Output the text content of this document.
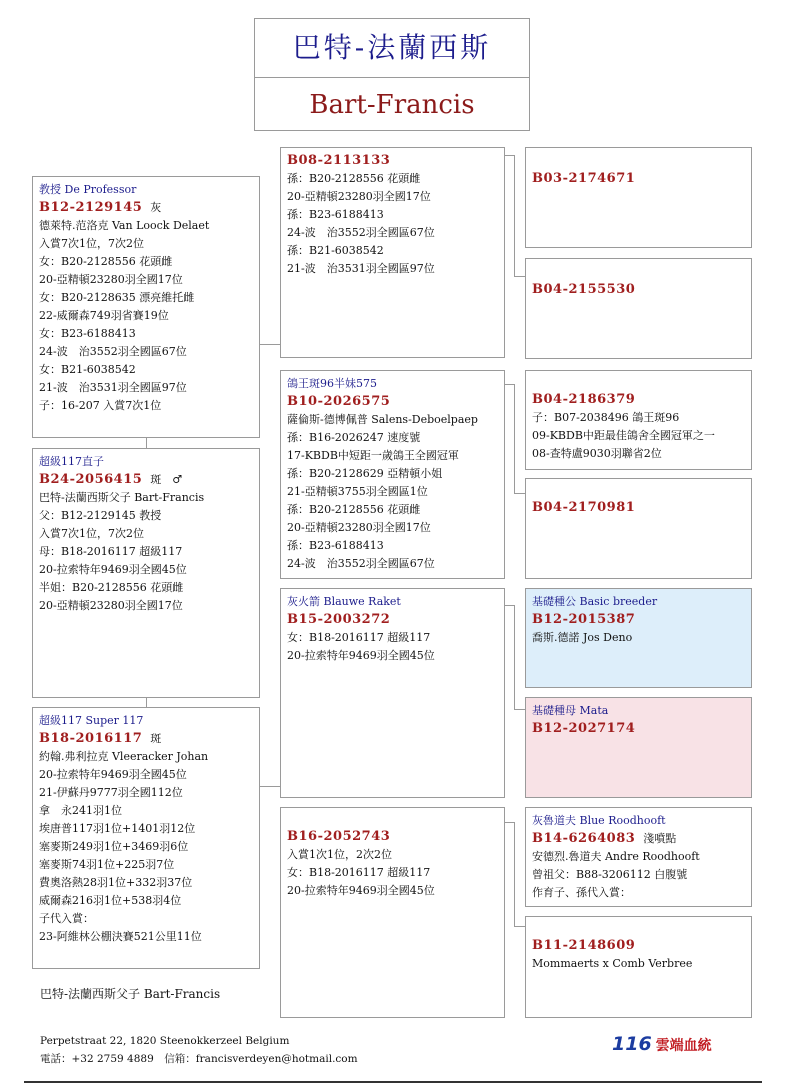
巴特-法蘭西斯
Bart-Francis
教授 De Professor
B12-2129145 灰
德萊特.范洛克 Van Loock Delaet
入賞7次1位，7次2位
女：B20-2128556 花頭雌
20-亞精頓23280羽全國17位
女：B20-2128635 漂亮維托雌
22-威爾森749羽省賽19位
女：B23-6188413
24-波　治3552羽全國區67位
女：B21-6038542
21-波　治3531羽全國區97位
子：16-207 入賞7次1位
超級117直子
B24-2056415 斑　♂
巴特-法蘭西斯父子 Bart-Francis
父：B12-2129145 教授
入賞7次1位，7次2位
母：B18-2016117 超級117
20-拉索特年9469羽全國45位
半姐：B20-2128556 花頭雌
20-亞精頓23280羽全國17位
超級117 Super 117
B18-2016117 斑
約翰.弗利拉克 Vleeracker Johan
20-拉索特年9469羽全國45位
21-伊蘇丹9777羽全國112位
拿　永241羽1位
埃唐普117羽1位+1401羽12位
塞麥斯249羽1位+3469羽6位
塞麥斯74羽1位+225羽7位
費奧洛熱28羽1位+332羽37位
威爾森216羽1位+538羽4位
子代入賞：
23-阿維林公棚決賽521公里11位
B08-2113133
孫：B20-2128556 花頭雌
20-亞精頓23280羽全國17位
孫：B23-6188413
24-波　治3552羽全國區67位
孫：B21-6038542
21-波　治3531羽全國區97位
鴿王斑96半妹575
B10-2026575
薩倫斯-德博佩普 Salens-Deboelpaep
孫：B16-2026247 速度號
17-KBDB中短距一歲鴿王全國冠軍
孫：B20-2128629 亞精頓小姐
21-亞精頓3755羽全國區1位
孫：B20-2128556 花頭雌
20-亞精頓23280羽全國17位
孫：B23-6188413
24-波　治3552羽全國區67位
灰火箭 Blauwe Raket
B15-2003272
女：B18-2016117 超級117
20-拉索特年9469羽全國45位
B16-2052743
入賞1次1位，2次2位
女：B18-2016117 超級117
20-拉索特年9469羽全國45位
B03-2174671
B04-2155530
B04-2186379
子：B07-2038496 鴿王斑96
09-KBDB中距最佳鴿舍全國冠軍之一
08-查特盧9030羽聯省2位
B04-2170981
基礎種公 Basic breeder
B12-2015387
喬斯.德諾 Jos Deno
基礎種母 Mata
B12-2027174
灰魯道夫 Blue Roodhooft
B14-6264083 淺噴點
安德烈.魯道夫 Andre Roodhooft
曾祖父：B88-3206112 白腹號
作育子、孫代入賞：
B11-2148609
Mommaerts x Comb Verbree
巴特-法蘭西斯父子 Bart-Francis
Perpetstraat 22, 1820 Steenokkerzeel Belgium
電話：+32 2759 4889　信箱：francisverdeyen@hotmail.com
116 雲端血統
